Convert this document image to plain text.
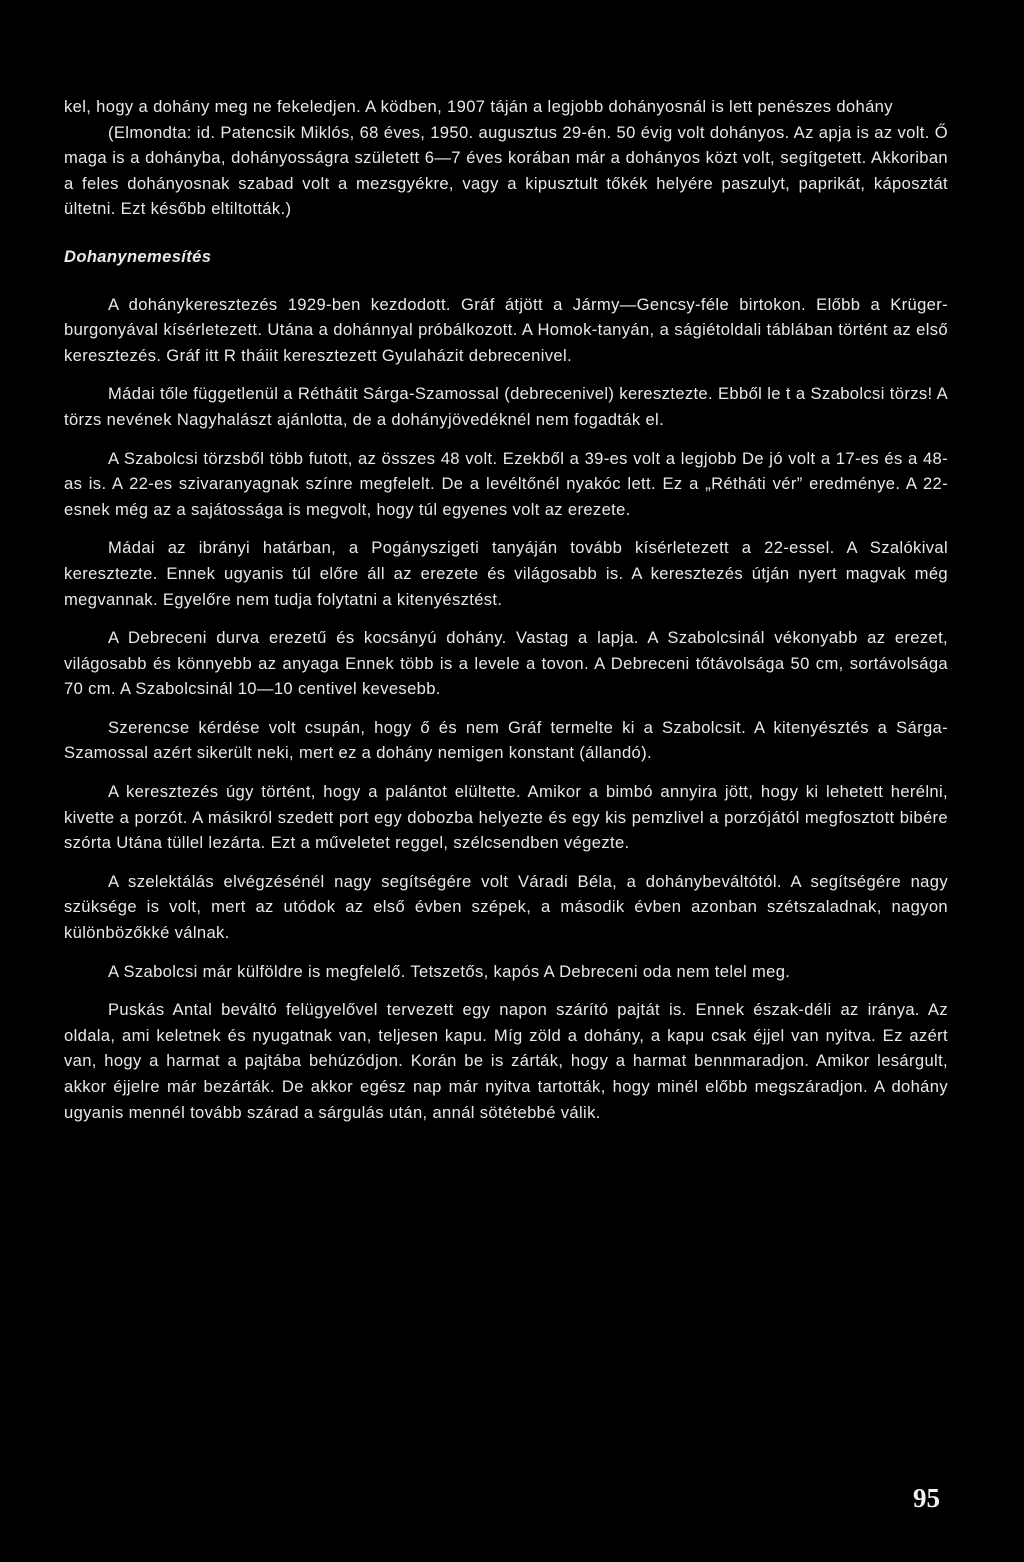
kel, hogy a dohány meg ne fekeledjen. A ködben, 1907 táján a legjobb dohányosnál is lett penészes dohány

(Elmondta: id. Patencsik Miklós, 68 éves, 1950. augusztus 29-én. 50 évig volt dohányos. Az apja is az volt. Ő maga is a dohányba, dohányosságra született 6—7 éves korában már a dohányos közt volt, segítgetett. Akkoriban a feles dohányosnak szabad volt a mezsgyékre, vagy a kipusztult tőkék helyére paszulyt, paprikát, káposztát ültetni. Ezt később eltiltották.)

Dohanynemesítés

A dohánykeresztezés 1929-ben kezdodott. Gráf átjött a Jármy—Gencsy-féle birtokon. Előbb a Krüger-burgonyával kísérletezett. Utána a dohánnyal próbálkozott. A Homok-tanyán, a ságiétoldali táblában történt az első keresztezés. Gráf itt R tháiit keresztezett Gyulaházit debrecenivel.

Mádai tőle függetlenül a Réthátit Sárga-Szamossal (debrecenivel) keresztezte. Ebből le t a Szabolcsi törzs! A törzs nevének Nagyhalászt ajánlotta, de a dohányjövedéknél nem fogadták el.

A Szabolcsi törzsből több futott, az összes 48 volt. Ezekből a 39-es volt a legjobb De jó volt a 17-es és a 48-as is. A 22-es szivaranyagnak színre megfelelt. De a levéltőnél nyakóc lett. Ez a „Rétháti vér” eredménye. A 22-esnek még az a sajátossága is megvolt, hogy túl egyenes volt az erezete.

Mádai az ibrányi határban, a Pogányszigeti tanyáján tovább kísérletezett a 22-essel. A Szalókival keresztezte. Ennek ugyanis túl előre áll az erezete és világosabb is. A keresztezés útján nyert magvak még megvannak. Egyelőre nem tudja folytatni a kitenyésztést.

A Debreceni durva erezetű és kocsányú dohány. Vastag a lapja. A Szabolcsinál vékonyabb az erezet, világosabb és könnyebb az anyaga Ennek több is a levele a tovon. A Debreceni tőtávolsága 50 cm, sortávolsága 70 cm. A Szabolcsinál 10—10 centivel kevesebb.

Szerencse kérdése volt csupán, hogy ő és nem Gráf termelte ki a Szabolcsit. A kitenyésztés a Sárga-Szamossal azért sikerült neki, mert ez a dohány nemigen konstant (állandó).

A keresztezés úgy történt, hogy a palántot elültette. Amikor a bimbó annyira jött, hogy ki lehetett herélni, kivette a porzót. A másikról szedett port egy dobozba helyezte és egy kis pemzlivel a porzójától megfosztott bibére szórta Utána tüllel lezárta. Ezt a műveletet reggel, szélcsendben végezte.

A szelektálás elvégzésénél nagy segítségére volt Váradi Béla, a dohánybeváltótól. A segítségére nagy szüksége is volt, mert az utódok az első évben szépek, a második évben azonban szétszaladnak, nagyon különbözőkké válnak.

A Szabolcsi már külföldre is megfelelő. Tetszetős, kapós A Debreceni oda nem telel meg.

Puskás Antal beváltó felügyelővel tervezett egy napon szárító pajtát is. Ennek észak-déli az iránya. Az oldala, ami keletnek és nyugatnak van, teljesen kapu. Míg zöld a dohány, a kapu csak éjjel van nyitva. Ez azért van, hogy a harmat a pajtába behúzódjon. Korán be is zárták, hogy a harmat bennmaradjon. Amikor lesárgult, akkor éjjelre már bezárták. De akkor egész nap már nyitva tartották, hogy minél előbb megszáradjon. A dohány ugyanis mennél tovább szárad a sárgulás után, annál sötétebbé válik.

95
